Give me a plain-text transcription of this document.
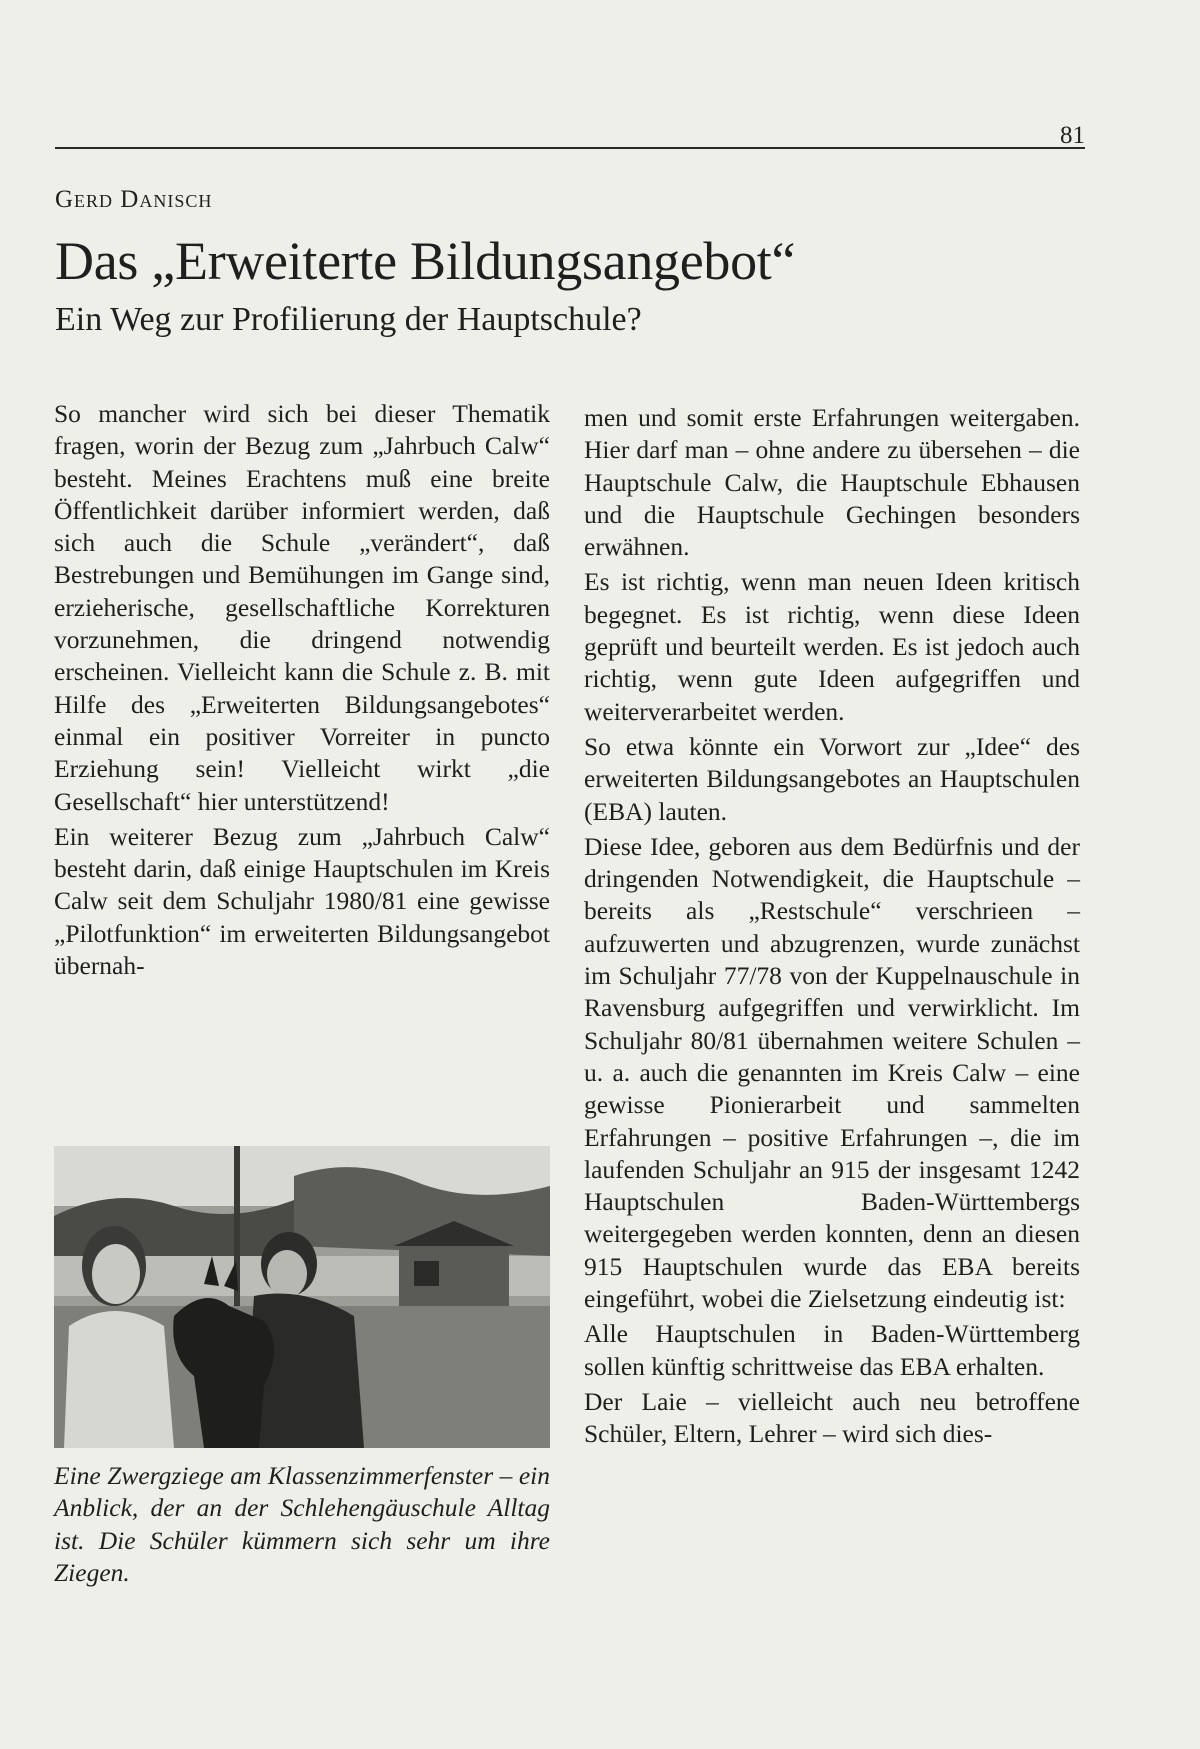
81
Gerd Danisch
Das „Erweiterte Bildungsangebot“
Ein Weg zur Profilierung der Hauptschule?

So mancher wird sich bei dieser Thematik fragen, worin der Bezug zum „Jahrbuch Calw“ besteht. Meines Erachtens muß eine breite Öffentlichkeit darüber informiert werden, daß sich auch die Schule „verändert“, daß Bestrebungen und Bemühungen im Gange sind, erzieherische, gesellschaftliche Korrekturen vorzunehmen, die dringend notwendig erscheinen. Vielleicht kann die Schule z. B. mit Hilfe des „Erweiterten Bildungsangebotes“ einmal ein positiver Vorreiter in puncto Erziehung sein! Vielleicht wirkt „die Gesellschaft“ hier unterstützend!

Ein weiterer Bezug zum „Jahrbuch Calw“ besteht darin, daß einige Hauptschulen im Kreis Calw seit dem Schuljahr 1980/81 eine gewisse „Pilotfunktion“ im erweiterten Bildungsangebot übernah-

Eine Zwergziege am Klassenzimmerfenster – ein Anblick, der an der Schlehengäuschule Alltag ist. Die Schüler kümmern sich sehr um ihre Ziegen.

men und somit erste Erfahrungen weitergaben. Hier darf man – ohne andere zu übersehen – die Hauptschule Calw, die Hauptschule Ebhausen und die Hauptschule Gechingen besonders erwähnen.

Es ist richtig, wenn man neuen Ideen kritisch begegnet. Es ist richtig, wenn diese Ideen geprüft und beurteilt werden. Es ist jedoch auch richtig, wenn gute Ideen aufgegriffen und weiterverarbeitet werden.

So etwa könnte ein Vorwort zur „Idee“ des erweiterten Bildungsangebotes an Hauptschulen (EBA) lauten.

Diese Idee, geboren aus dem Bedürfnis und der dringenden Notwendigkeit, die Hauptschule – bereits als „Restschule“ verschrieen – aufzuwerten und abzugrenzen, wurde zunächst im Schuljahr 77/78 von der Kuppelnauschule in Ravensburg aufgegriffen und verwirklicht. Im Schuljahr 80/81 übernahmen weitere Schulen – u. a. auch die genannten im Kreis Calw – eine gewisse Pionierarbeit und sammelten Erfahrungen – positive Erfahrungen –, die im laufenden Schuljahr an 915 der insgesamt 1242 Hauptschulen Baden-Württembergs weitergegeben werden konnten, denn an diesen 915 Hauptschulen wurde das EBA bereits eingeführt, wobei die Zielsetzung eindeutig ist:

Alle Hauptschulen in Baden-Württemberg sollen künftig schrittweise das EBA erhalten.

Der Laie – vielleicht auch neu betroffene Schüler, Eltern, Lehrer – wird sich dies-
